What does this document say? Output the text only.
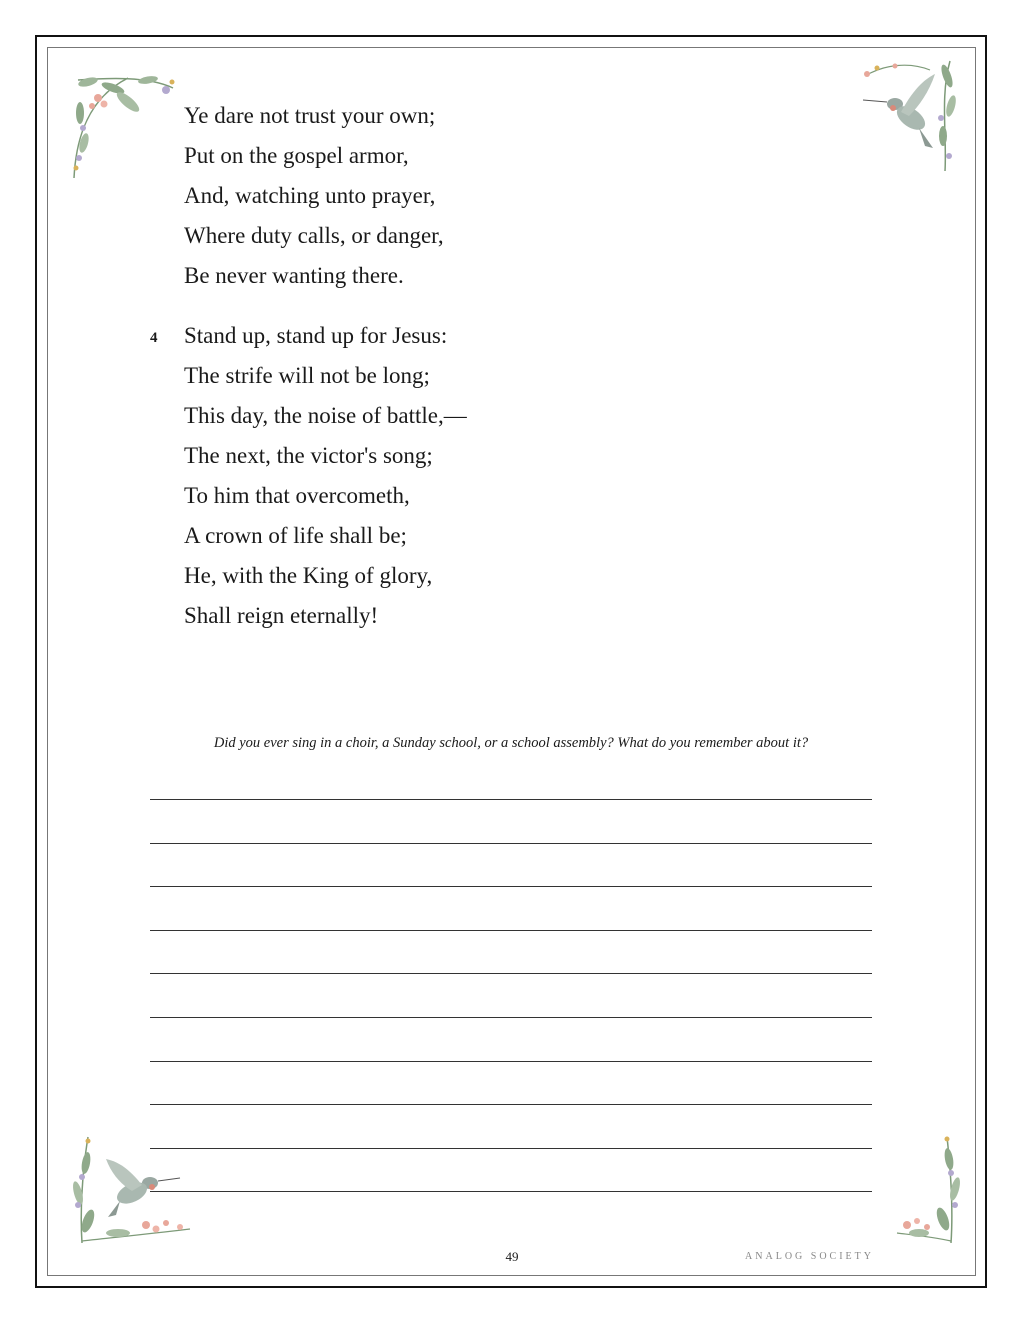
Ye dare not trust your own;
Put on the gospel armor,
And, watching unto prayer,
Where duty calls, or danger,
Be never wanting there.
4 Stand up, stand up for Jesus:
The strife will not be long;
This day, the noise of battle,—
The next, the victor's song;
To him that overcometh,
A crown of life shall be;
He, with the King of glory,
Shall reign eternally!
Did you ever sing in a choir, a Sunday school, or a school assembly? What do you remember about it?
49	ANALOG SOCIETY
